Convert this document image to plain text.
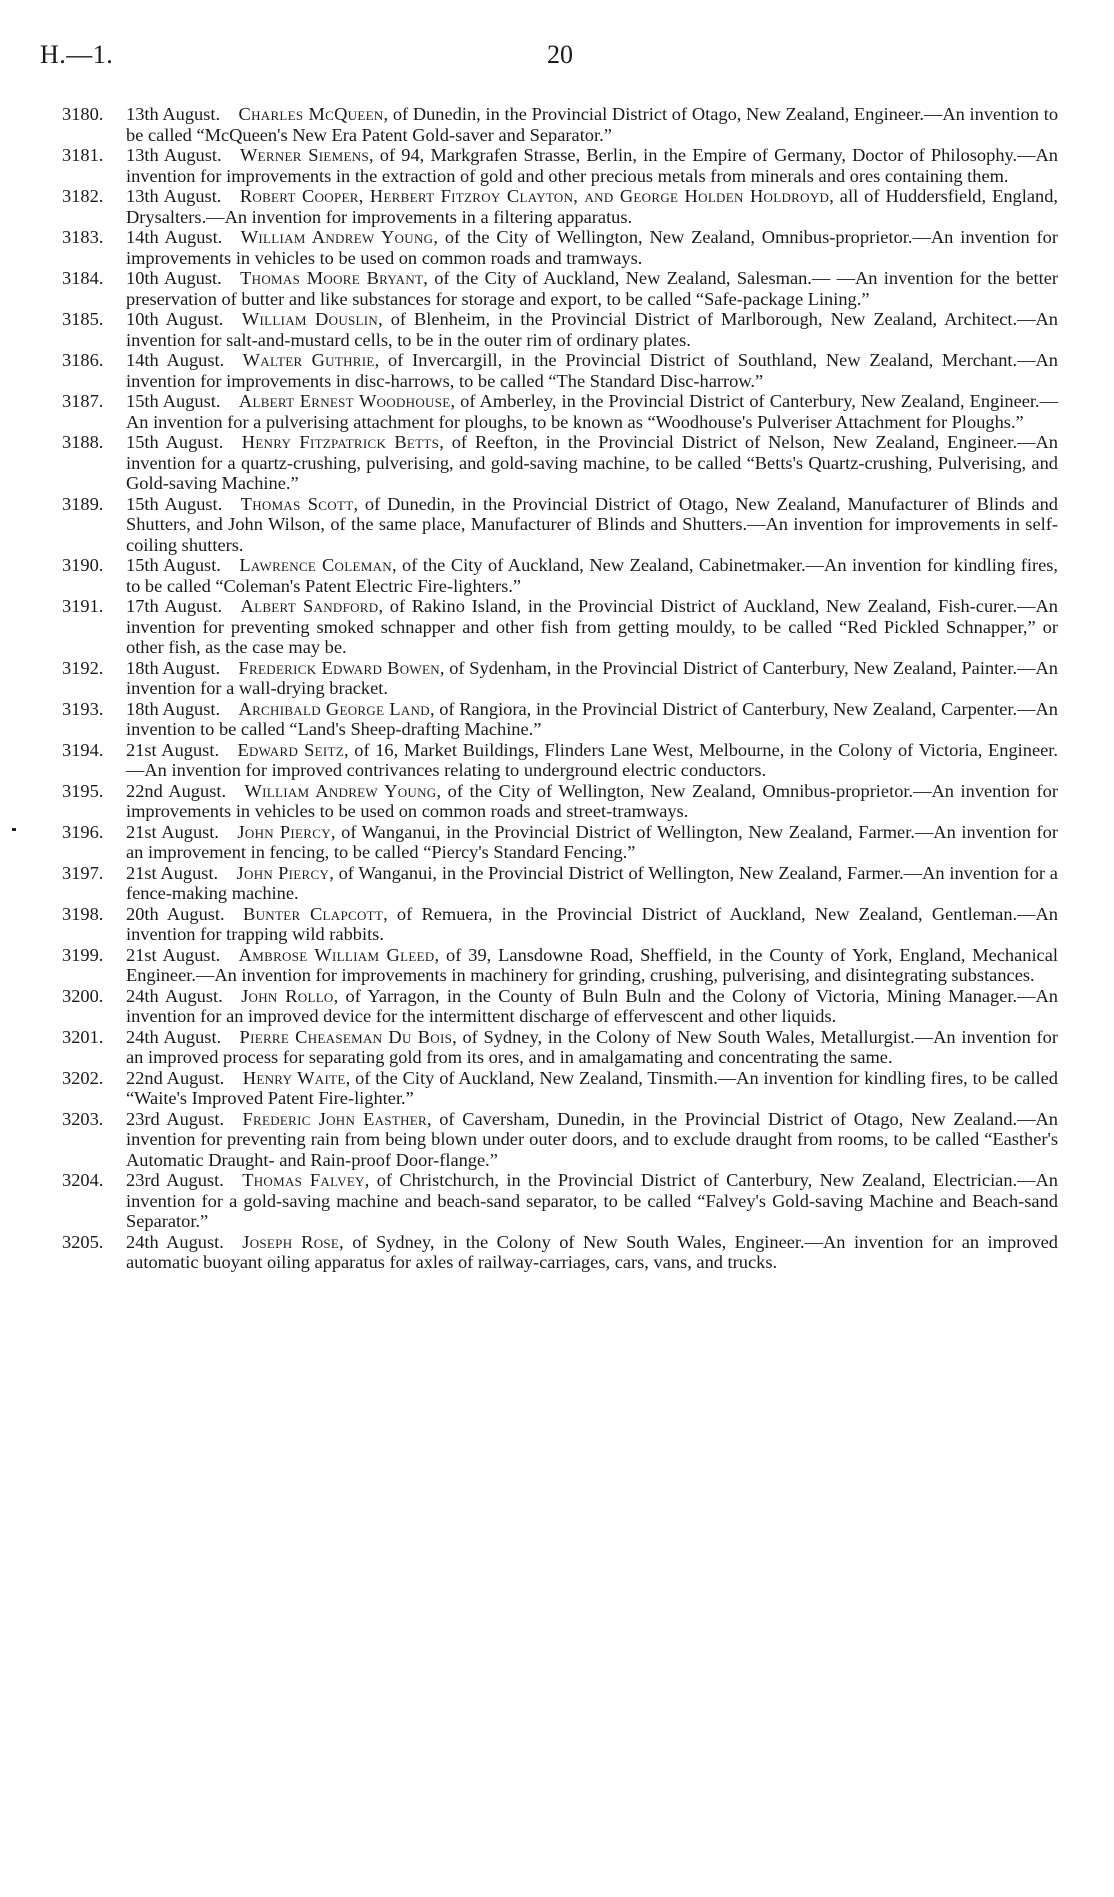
H.—1.	20
3180.	13th August.  Charles McQueen, of Dunedin, in the Provincial District of Otago, New Zealand, Engineer.—An invention to be called “McQueen's New Era Patent Gold-saver and Separator.”
3181.	13th August.  Werner Siemens, of 94, Markgrafen Strasse, Berlin, in the Empire of Germany, Doctor of Philosophy.—An invention for improvements in the extraction of gold and other precious metals from minerals and ores containing them.
3182.	13th August.  Robert Cooper, Herbert Fitzroy Clayton, and George Holden Holdroyd, all of Huddersfield, England, Drysalters.—An invention for improvements in a filtering apparatus.
3183.	14th August.  William Andrew Young, of the City of Wellington, New Zealand, Omnibus-proprietor.—An invention for improvements in vehicles to be used on common roads and tramways.
3184.	10th August.  Thomas Moore Bryant, of the City of Auckland, New Zealand, Salesman.— —An invention for the better preservation of butter and like substances for storage and export, to be called “Safe-package Lining.”
3185.	10th August.  William Douslin, of Blenheim, in the Provincial District of Marlborough, New Zealand, Architect.—An invention for salt-and-mustard cells, to be in the outer rim of ordinary plates.
3186.	14th August.  Walter Guthrie, of Invercargill, in the Provincial District of Southland, New Zealand, Merchant.—An invention for improvements in disc-harrows, to be called “The Standard Disc-harrow.”
3187.	15th August.  Albert Ernest Woodhouse, of Amberley, in the Provincial District of Canterbury, New Zealand, Engineer.—An invention for a pulverising attachment for ploughs, to be known as “Woodhouse's Pulveriser Attachment for Ploughs.”
3188.	15th August.  Henry Fitzpatrick Betts, of Reefton, in the Provincial District of Nelson, New Zealand, Engineer.—An invention for a quartz-crushing, pulverising, and gold-saving machine, to be called “Betts's Quartz-crushing, Pulverising, and Gold-saving Machine.”
3189.	15th August.  Thomas Scott, of Dunedin, in the Provincial District of Otago, New Zealand, Manufacturer of Blinds and Shutters, and John Wilson, of the same place, Manufacturer of Blinds and Shutters.—An invention for improvements in self-coiling shutters.
3190.	15th August.  Lawrence Coleman, of the City of Auckland, New Zealand, Cabinetmaker.—An invention for kindling fires, to be called “Coleman's Patent Electric Fire-lighters.”
3191.	17th August.  Albert Sandford, of Rakino Island, in the Provincial District of Auckland, New Zealand, Fish-curer.—An invention for preventing smoked schnapper and other fish from getting mouldy, to be called “Red Pickled Schnapper,” or other fish, as the case may be.
3192.	18th August.  Frederick Edward Bowen, of Sydenham, in the Provincial District of Canterbury, New Zealand, Painter.—An invention for a wall-drying bracket.
3193.	18th August.  Archibald George Land, of Rangiora, in the Provincial District of Canterbury, New Zealand, Carpenter.—An invention to be called “Land's Sheep-drafting Machine.”
3194.	21st August.  Edward Seitz, of 16, Market Buildings, Flinders Lane West, Melbourne, in the Colony of Victoria, Engineer.—An invention for improved contrivances relating to underground electric conductors.
3195.	22nd August.  William Andrew Young, of the City of Wellington, New Zealand, Omnibus-proprietor.—An invention for improvements in vehicles to be used on common roads and street-tramways.
3196.	21st August.  John Piercy, of Wanganui, in the Provincial District of Wellington, New Zealand, Farmer.—An invention for an improvement in fencing, to be called “Piercy's Standard Fencing.”
3197.	21st August.  John Piercy, of Wanganui, in the Provincial District of Wellington, New Zealand, Farmer.—An invention for a fence-making machine.
3198.	20th August.  Bunter Clapcott, of Remuera, in the Provincial District of Auckland, New Zealand, Gentleman.—An invention for trapping wild rabbits.
3199.	21st August.  Ambrose William Gleed, of 39, Lansdowne Road, Sheffield, in the County of York, England, Mechanical Engineer.—An invention for improvements in machinery for grinding, crushing, pulverising, and disintegrating substances.
3200.	24th August.  John Rollo, of Yarragon, in the County of Buln Buln and the Colony of Victoria, Mining Manager.—An invention for an improved device for the intermittent discharge of effervescent and other liquids.
3201.	24th August.  Pierre Cheaseman Du Bois, of Sydney, in the Colony of New South Wales, Metallurgist.—An invention for an improved process for separating gold from its ores, and in amalgamating and concentrating the same.
3202.	22nd August.  Henry Waite, of the City of Auckland, New Zealand, Tinsmith.—An invention for kindling fires, to be called “Waite's Improved Patent Fire-lighter.”
3203.	23rd August.  Frederic John Easther, of Caversham, Dunedin, in the Provincial District of Otago, New Zealand.—An invention for preventing rain from being blown under outer doors, and to exclude draught from rooms, to be called “Easther's Automatic Draught- and Rain-proof Door-flange.”
3204.	23rd August.  Thomas Falvey, of Christchurch, in the Provincial District of Canterbury, New Zealand, Electrician.—An invention for a gold-saving machine and beach-sand separator, to be called “Falvey's Gold-saving Machine and Beach-sand Separator.”
3205.	24th August.  Joseph Rose, of Sydney, in the Colony of New South Wales, Engineer.—An invention for an improved automatic buoyant oiling apparatus for axles of railway-carriages, cars, vans, and trucks.
